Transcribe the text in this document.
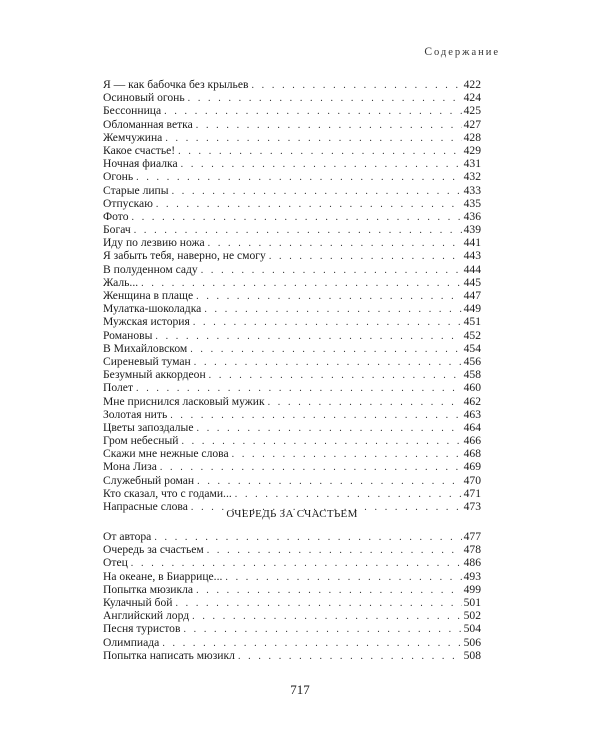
Содержание
Я — как бабочка без крыльев . . .	422
Осиновый огонь . . .	424
Бессонница . . .	425
Обломанная ветка . . .	427
Жемчужина . . .	428
Какое счастье! . . .	429
Ночная фиалка . . .	431
Огонь . . .	432
Старые липы . . .	433
Отпускаю . . .	435
Фото . . .	436
Богач . . .	439
Иду по лезвию ножа . . .	441
Я забыть тебя, наверно, не смогу . . .	443
В полуденном саду . . .	444
Жаль... . . .	445
Женщина в плаще . . .	447
Мулатка-шоколадка . . .	449
Мужская история . . .	451
Романовы . . .	452
В Михайловском . . .	454
Сиреневый туман . . .	456
Безумный аккордеон . . .	458
Полет . . .	460
Мне приснился ласковый мужик . . .	462
Золотая нить . . .	463
Цветы запоздалые . . .	464
Гром небесный . . .	466
Скажи мне нежные слова . . .	468
Мона Лиза . . .	469
Служебный роман . . .	470
Кто сказал, что с годами... . . .	471
Напрасные слова . . .	473
ОЧЕРЕДЬ ЗА СЧАСТЬЕМ
От автора . . .	477
Очередь за счастьем . . .	478
Отец . . .	486
На океане, в Биаррице... . . .	493
Попытка мюзикла . . .	499
Кулачный бой . . .	501
Английский лорд . . .	502
Песня туристов . . .	504
Олимпиада . . .	506
Попытка написать мюзикл . . .	508
717
